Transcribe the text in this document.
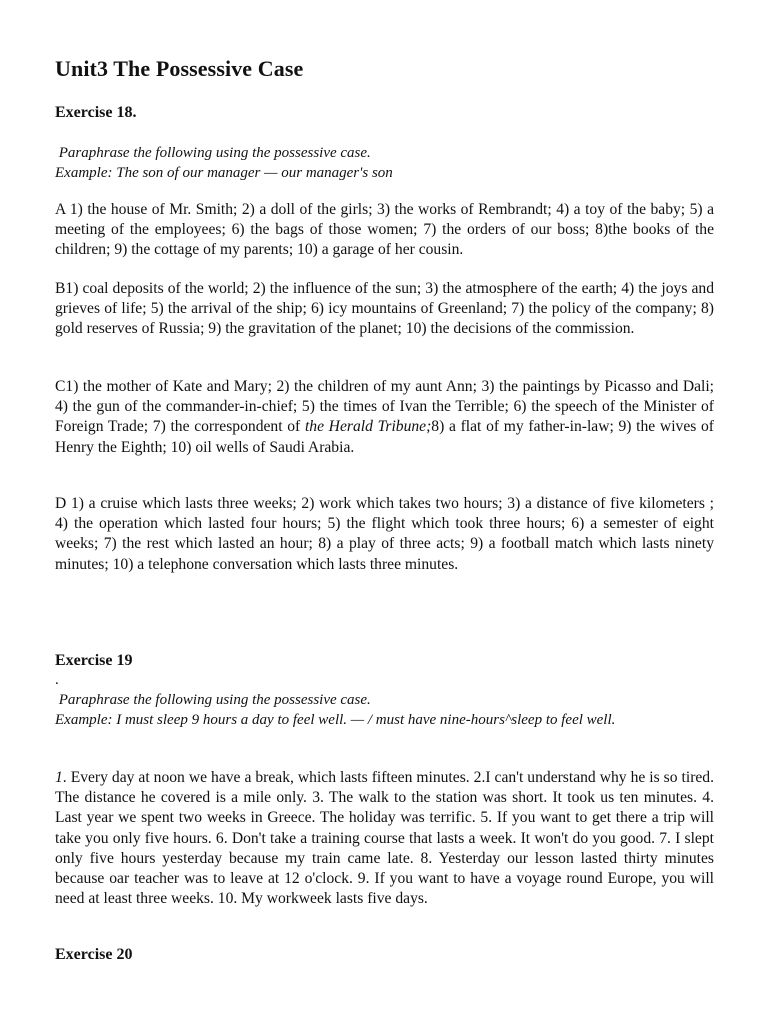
Unit3 The Possessive Case
Exercise 18.
Paraphrase the following using the possessive case.
Example: The son of our manager — our manager's son
A 1) the house of Mr. Smith; 2) a doll of the girls; 3) the works of Rembrandt; 4) a toy of the baby; 5) a meeting of the employees; 6) the bags of those women; 7) the orders of our boss; 8)the books of the children; 9) the cottage of my parents; 10) a garage of her cousin.
B1) coal deposits of the world; 2) the influence of the sun; 3) the atmosphere of the earth; 4) the joys and grieves of life; 5) the arrival of the ship; 6) icy mountains of Greenland; 7) the policy of the company; 8) gold reserves of Russia; 9) the gravitation of the planet; 10) the decisions of the commission.
C1) the mother of Kate and Mary; 2) the children of my aunt Ann; 3) the paintings by Picasso and Dali; 4) the gun of the commander-in-chief; 5) the times of Ivan the Terrible; 6) the speech of the Minister of Foreign Trade; 7) the correspondent of the Herald Tribune;8) a flat of my father-in-law; 9) the wives of Henry the Eighth; 10) oil wells of Saudi Arabia.
D 1) a cruise which lasts three weeks; 2) work which takes two hours; 3) a distance of five kilometers ; 4) the operation which lasted four hours; 5) the flight which took three hours; 6) a semester of eight weeks; 7) the rest which lasted an hour; 8) a play of three acts; 9) a football match which lasts ninety minutes; 10) a telephone conversation which lasts three minutes.
Exercise 19
.
Paraphrase the following using the possessive case.
Example: I must sleep 9 hours a day to feel well. — / must have nine-hours^sleep to feel well.
1. Every day at noon we have a break, which lasts fifteen minutes. 2.I can't understand why he is so tired. The distance he covered is a mile only. 3. The walk to the station was short. It took us ten minutes. 4. Last year we spent two weeks in Greece. The holiday was terrific. 5. If you want to get there a trip will take you only five hours. 6. Don't take a training course that lasts a week. It won't do you good. 7. I slept only five hours yesterday because my train came late. 8. Yesterday our lesson lasted thirty minutes because oar teacher was to leave at 12 o'clock. 9. If you want to have a voyage round Europe, you will need at least three weeks. 10. My workweek lasts five days.
Exercise 20
